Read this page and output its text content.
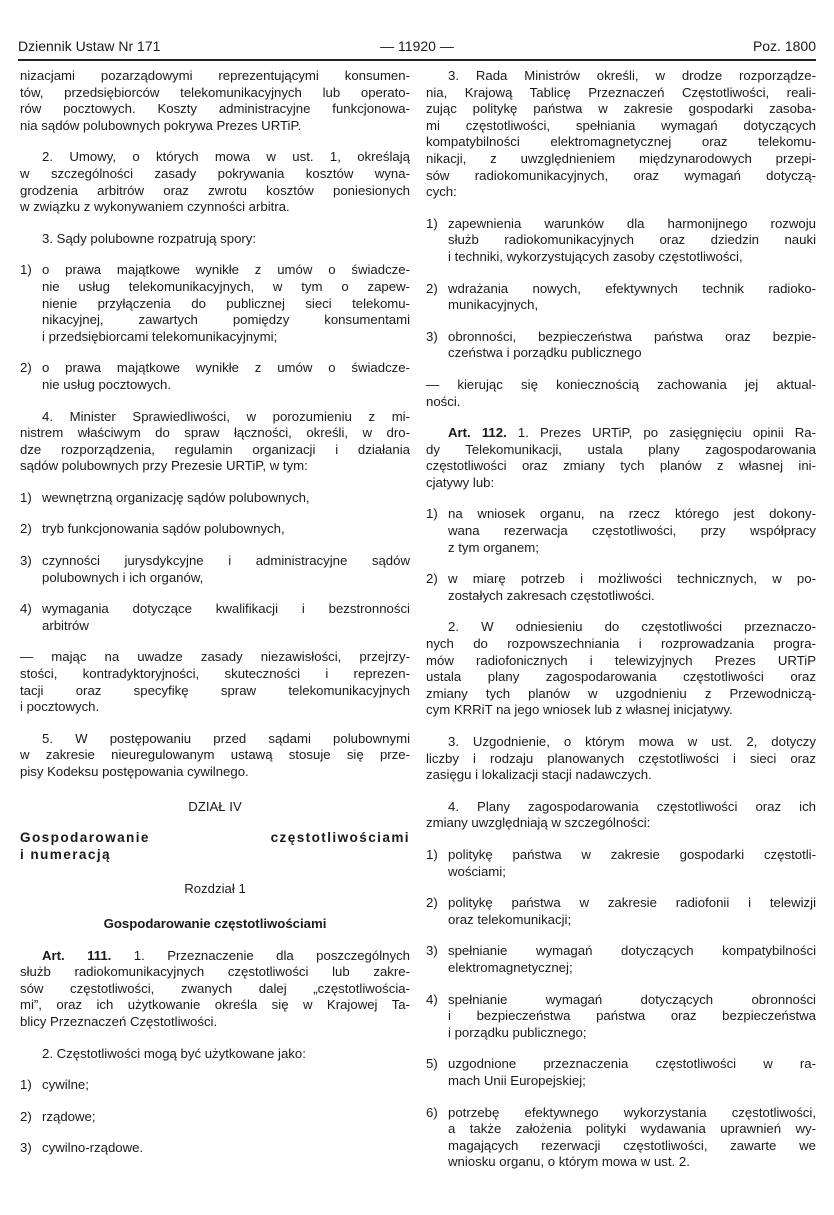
Dziennik Ustaw Nr 171	— 11920 —	Poz. 1800
nizacjami pozarządowymi reprezentującymi konsumen-
tów, przedsiębiorców telekomunikacyjnych lub operato-
rów pocztowych. Koszty administracyjne funkcjonowa-
nia sądów polubownych pokrywa Prezes URTiP.
2. Umowy, o których mowa w ust. 1, określają
w szczególności zasady pokrywania kosztów wyna-
grodzenia arbitrów oraz zwrotu kosztów poniesionych
w związku z wykonywaniem czynności arbitra.
3. Sądy polubowne rozpatrują spory:
1) o prawa majątkowe wynikłe z umów o świadcze-
nie usług telekomunikacyjnych, w tym o zapew-
nienie przyłączenia do publicznej sieci telekomu-
nikacyjnej, zawartych pomiędzy konsumentami
i przedsiębiorcami telekomunikacyjnymi;
2) o prawa majątkowe wynikłe z umów o świadcze-
nie usług pocztowych.
4. Minister Sprawiedliwości, w porozumieniu z mi-
nistrem właściwym do spraw łączności, określi, w dro-
dze rozporządzenia, regulamin organizacji i działania
sądów polubownych przy Prezesie URTiP, w tym:
1) wewnętrzną organizację sądów polubownych,
2) tryb funkcjonowania sądów polubownych,
3) czynności jurysdykcyjne i administracyjne sądów
polubownych i ich organów,
4) wymagania dotyczące kwalifikacji i bezstronności
arbitrów
— mając na uwadze zasady niezawisłości, przejrzy-
stości, kontradyktoryjności, skuteczności i reprezen-
tacji oraz specyfikę spraw telekomunikacyjnych
i pocztowych.
5. W postępowaniu przed sądami polubownymi
w zakresie nieuregulowanym ustawą stosuje się prze-
pisy Kodeksu postępowania cywilnego.
DZIAŁ IV
Gospodarowanie częstotliwościami
i numeracją
Rozdział 1
Gospodarowanie częstotliwościami
Art. 111. 1. Przeznaczenie dla poszczególnych
służb radiokomunikacyjnych częstotliwości lub zakre-
sów częstotliwości, zwanych dalej „częstotliwościa-
mi”, oraz ich użytkowanie określa się w Krajowej Ta-
blicy Przeznaczeń Częstotliwości.
2. Częstotliwości mogą być użytkowane jako:
1) cywilne;
2) rządowe;
3) cywilno-rządowe.
3. Rada Ministrów określi, w drodze rozporządze-
nia, Krajową Tablicę Przeznaczeń Częstotliwości, reali-
zując politykę państwa w zakresie gospodarki zasoba-
mi częstotliwości, spełniania wymagań dotyczących
kompatybilności elektromagnetycznej oraz telekomu-
nikacji, z uwzględnieniem międzynarodowych przepi-
sów radiokomunikacyjnych, oraz wymagań dotyczą-
cych:
1) zapewnienia warunków dla harmonijnego rozwoju
służb radiokomunikacyjnych oraz dziedzin nauki
i techniki, wykorzystujących zasoby częstotliwości,
2) wdrażania nowych, efektywnych technik radioko-
munikacyjnych,
3) obronności, bezpieczeństwa państwa oraz bezpie-
czeństwa i porządku publicznego
— kierując się koniecznością zachowania jej aktual-
ności.
Art. 112. 1. Prezes URTiP, po zasięgnięciu opinii Ra-
dy Telekomunikacji, ustala plany zagospodarowania
częstotliwości oraz zmiany tych planów z własnej ini-
cjatywy lub:
1) na wniosek organu, na rzecz którego jest dokony-
wana rezerwacja częstotliwości, przy współpracy
z tym organem;
2) w miarę potrzeb i możliwości technicznych, w po-
zostałych zakresach częstotliwości.
2. W odniesieniu do częstotliwości przeznaczo-
nych do rozpowszechniania i rozprowadzania progra-
mów radiofonicznych i telewizyjnych Prezes URTiP
ustala plany zagospodarowania częstotliwości oraz
zmiany tych planów w uzgodnieniu z Przewodniczą-
cym KRRiT na jego wniosek lub z własnej inicjatywy.
3. Uzgodnienie, o którym mowa w ust. 2, dotyczy
liczby i rodzaju planowanych częstotliwości i sieci oraz
zasięgu i lokalizacji stacji nadawczych.
4. Plany zagospodarowania częstotliwości oraz ich
zmiany uwzględniają w szczególności:
1) politykę państwa w zakresie gospodarki częstotli-
wościami;
2) politykę państwa w zakresie radiofonii i telewizji
oraz telekomunikacji;
3) spełnianie wymagań dotyczących kompatybilności
elektromagnetycznej;
4) spełnianie wymagań dotyczących obronności
i bezpieczeństwa państwa oraz bezpieczeństwa
i porządku publicznego;
5) uzgodnione przeznaczenia częstotliwości w ra-
mach Unii Europejskiej;
6) potrzebę efektywnego wykorzystania częstotliwości,
a także założenia polityki wydawania uprawnień wy-
magających rezerwacji częstotliwości, zawarte we
wniosku organu, o którym mowa w ust. 2.
